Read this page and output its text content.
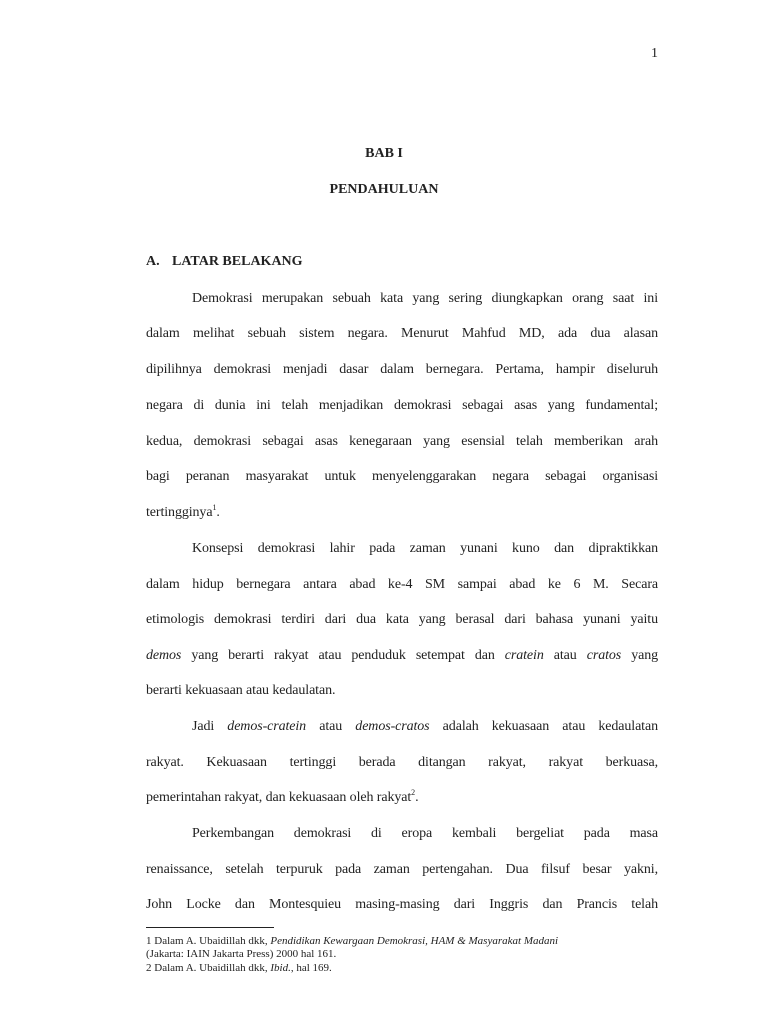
1
BAB I
PENDAHULUAN
A. LATAR BELAKANG
Demokrasi merupakan sebuah kata yang sering diungkapkan orang saat ini
dalam melihat sebuah sistem negara. Menurut Mahfud MD, ada dua alasan
dipilihnya demokrasi menjadi dasar dalam bernegara. Pertama, hampir diseluruh
negara di dunia ini telah menjadikan demokrasi sebagai asas yang fundamental;
kedua, demokrasi sebagai asas kenegaraan yang esensial telah memberikan arah
bagi peranan masyarakat untuk menyelenggarakan negara sebagai organisasi
tertingginya$^1$.
Konsepsi demokrasi lahir pada zaman yunani kuno dan dipraktikkan
dalam hidup bernegara antara abad ke-4 SM sampai abad ke 6 M. Secara
etimologis demokrasi terdiri dari dua kata yang berasal dari bahasa yunani yaitu
demos yang berarti rakyat atau penduduk setempat dan cratein atau cratos yang
berarti kekuasaan atau kedaulatan.
Jadi demos-cratein atau demos-cratos adalah kekuasaan atau kedaulatan
rakyat. Kekuasaan tertinggi berada ditangan rakyat, rakyat berkuasa,
pemerintahan rakyat, dan kekuasaan oleh rakyat$^2$.
Perkembangan demokrasi di eropa kembali bergeliat pada masa
renaissance, setelah terpuruk pada zaman pertengahan. Dua filsuf besar yakni,
John Locke dan Montesquieu masing-masing dari Inggris dan Prancis telah
1 Dalam A. Ubaidillah dkk, Pendidikan Kewargaan Demokrasi, HAM & Masyarakat Madani
(Jakarta: IAIN Jakarta Press) 2000 hal 161.
2 Dalam A. Ubaidillah dkk, Ibid., hal 169.
